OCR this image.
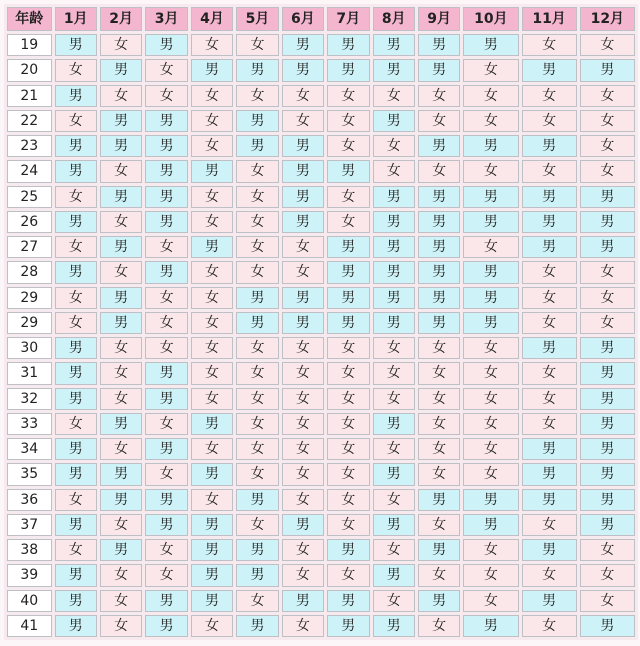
年龄	1月	2月	3月	4月	5月	6月	7月	8月	9月	10月	11月	12月
19	男	女	男	女	女	男	男	男	男	男	女	女
20	女	男	女	男	男	男	男	男	男	女	男	男
21	男	女	女	女	女	女	女	女	女	女	女	女
22	女	男	男	女	男	女	女	男	女	女	女	女
23	男	男	男	女	男	男	女	女	男	男	男	女
24	男	女	男	男	女	男	男	女	女	女	女	女
25	女	男	男	女	女	男	女	男	男	男	男	男
26	男	女	男	女	女	男	女	男	男	男	男	男
27	女	男	女	男	女	女	男	男	男	女	男	男
28	男	女	男	女	女	女	男	男	男	男	女	女
29	女	男	女	女	男	男	男	男	男	男	女	女
29	女	男	女	女	男	男	男	男	男	男	女	女
30	男	女	女	女	女	女	女	女	女	女	男	男
31	男	女	男	女	女	女	女	女	女	女	女	男
32	男	女	男	女	女	女	女	女	女	女	女	男
33	女	男	女	男	女	女	女	男	女	女	女	男
34	男	女	男	女	女	女	女	女	女	女	男	男
35	男	男	女	男	女	女	女	男	女	女	男	男
36	女	男	男	女	男	女	女	女	男	男	男	男
37	男	女	男	男	女	男	女	男	女	男	女	男
38	女	男	女	男	男	女	男	女	男	女	男	女
39	男	女	女	男	男	女	女	男	女	女	女	女
40	男	女	男	男	女	男	男	女	男	女	男	女
41	男	女	男	女	男	女	男	男	女	男	女	男
